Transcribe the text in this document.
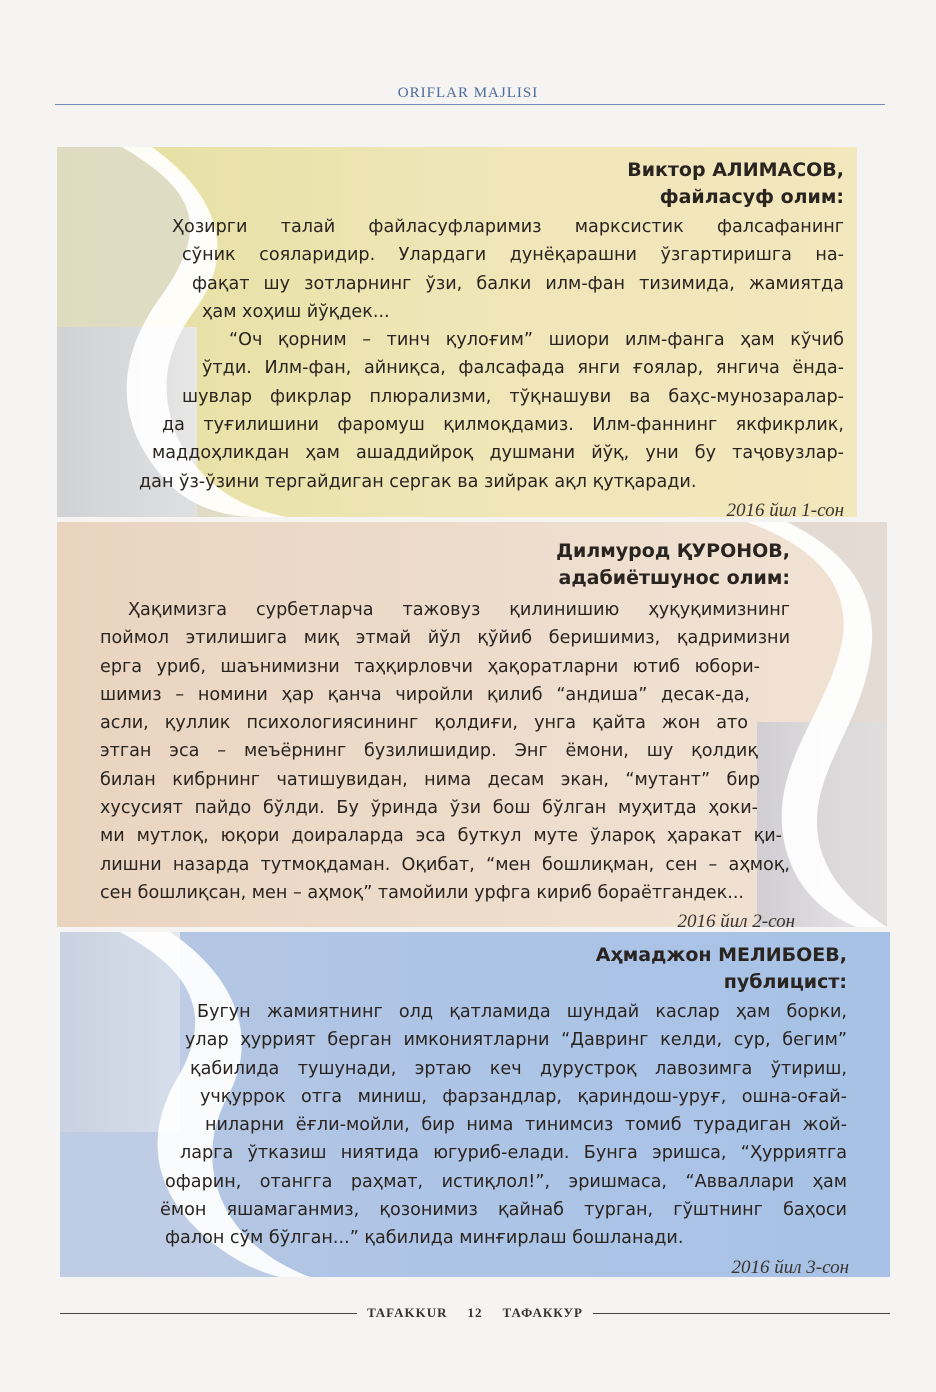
ORIFLAR MAJLISI
Виктор АЛИМАСОВ,
файласуф олим:
Ҳозирги талай файласуфларимиз марксистик фалсафанинг
сўник сояларидир. Улардаги дунёқарашни ўзгартиришга на-
фақат шу зотларнинг ўзи, балки илм-фан тизимида, жамиятда
ҳам хоҳиш йўқдек...
“Оч қорним – тинч қулоғим” шиори илм-фанга ҳам кўчиб
ўтди. Илм-фан, айниқса, фалсафада янги ғоялар, янгича ёнда-
шувлар фикрлар плюрализми, тўқнашуви ва баҳс-мунозаралар-
да туғилишини фаромуш қилмоқдамиз. Илм-фаннинг якфикрлик,
маддоҳликдан ҳам ашаддийроқ душмани йўқ, уни бу таҷовузлар-
дан ўз-ўзини тергайдиган сергак ва зийрак ақл қутқаради.
2016 йил 1-сон
Дилмурод ҚУРОНОВ,
адабиётшунос олим:
Ҳақимизга сурбетларча тажовуз қилинишию ҳуқуқимизнинг
поймол этилишига миқ этмай йўл қўйиб беришимиз, қадримизни
ерга уриб, шаънимизни таҳқирловчи ҳақоратларни ютиб юбори-
шимиз – номини ҳар қанча чиройли қилиб “андиша” десак-да,
асли, қуллик психологиясининг қолдиғи, унга қайта жон ато
этган эса – меъёрнинг бузилишидир. Энг ёмони, шу қолдиқ
билан кибрнинг чатишувидан, нима десам экан, “мутант” бир
хусусият пайдо бўлди. Бу ўринда ўзи бош бўлган муҳитда ҳоки-
ми мутлоқ, юқори доираларда эса буткул муте ўлароқ ҳаракат қи-
лишни назарда тутмоқдаман. Оқибат, “мен бошлиқман, сен – аҳмоқ,
сен бошлиқсан, мен – аҳмоқ” тамойили урфга кириб бораётгандек...
2016 йил 2-сон
Аҳмаджон МЕЛИБОЕВ,
публицист:
Бугун жамиятнинг олд қатламида шундай каслар ҳам борки,
улар ҳуррият берган имкониятларни “Давринг келди, сур, бегим”
қабилида тушунади, эртаю кеч дурустроқ лавозимга ўтириш,
учқуррок отга миниш, фарзандлар, қариндош-уруғ, ошна-оғай-
ниларни ёғли-мойли, бир нима тинимсиз томиб турадиган жой-
ларга ўтказиш ниятида югуриб-елади. Бунга эришса, “Ҳурриятга
офарин, отангга раҳмат, истиқлол!”, эришмаса, “Авваллари ҳам
ёмон яшамаганмиз, қозонимиз қайнаб турган, гўштнинг баҳоси
фалон сўм бўлган...” қабилида минғирлаш бошланади.
2016 йил 3-сон
TAFAKKUR	12	ТАФАККУР
